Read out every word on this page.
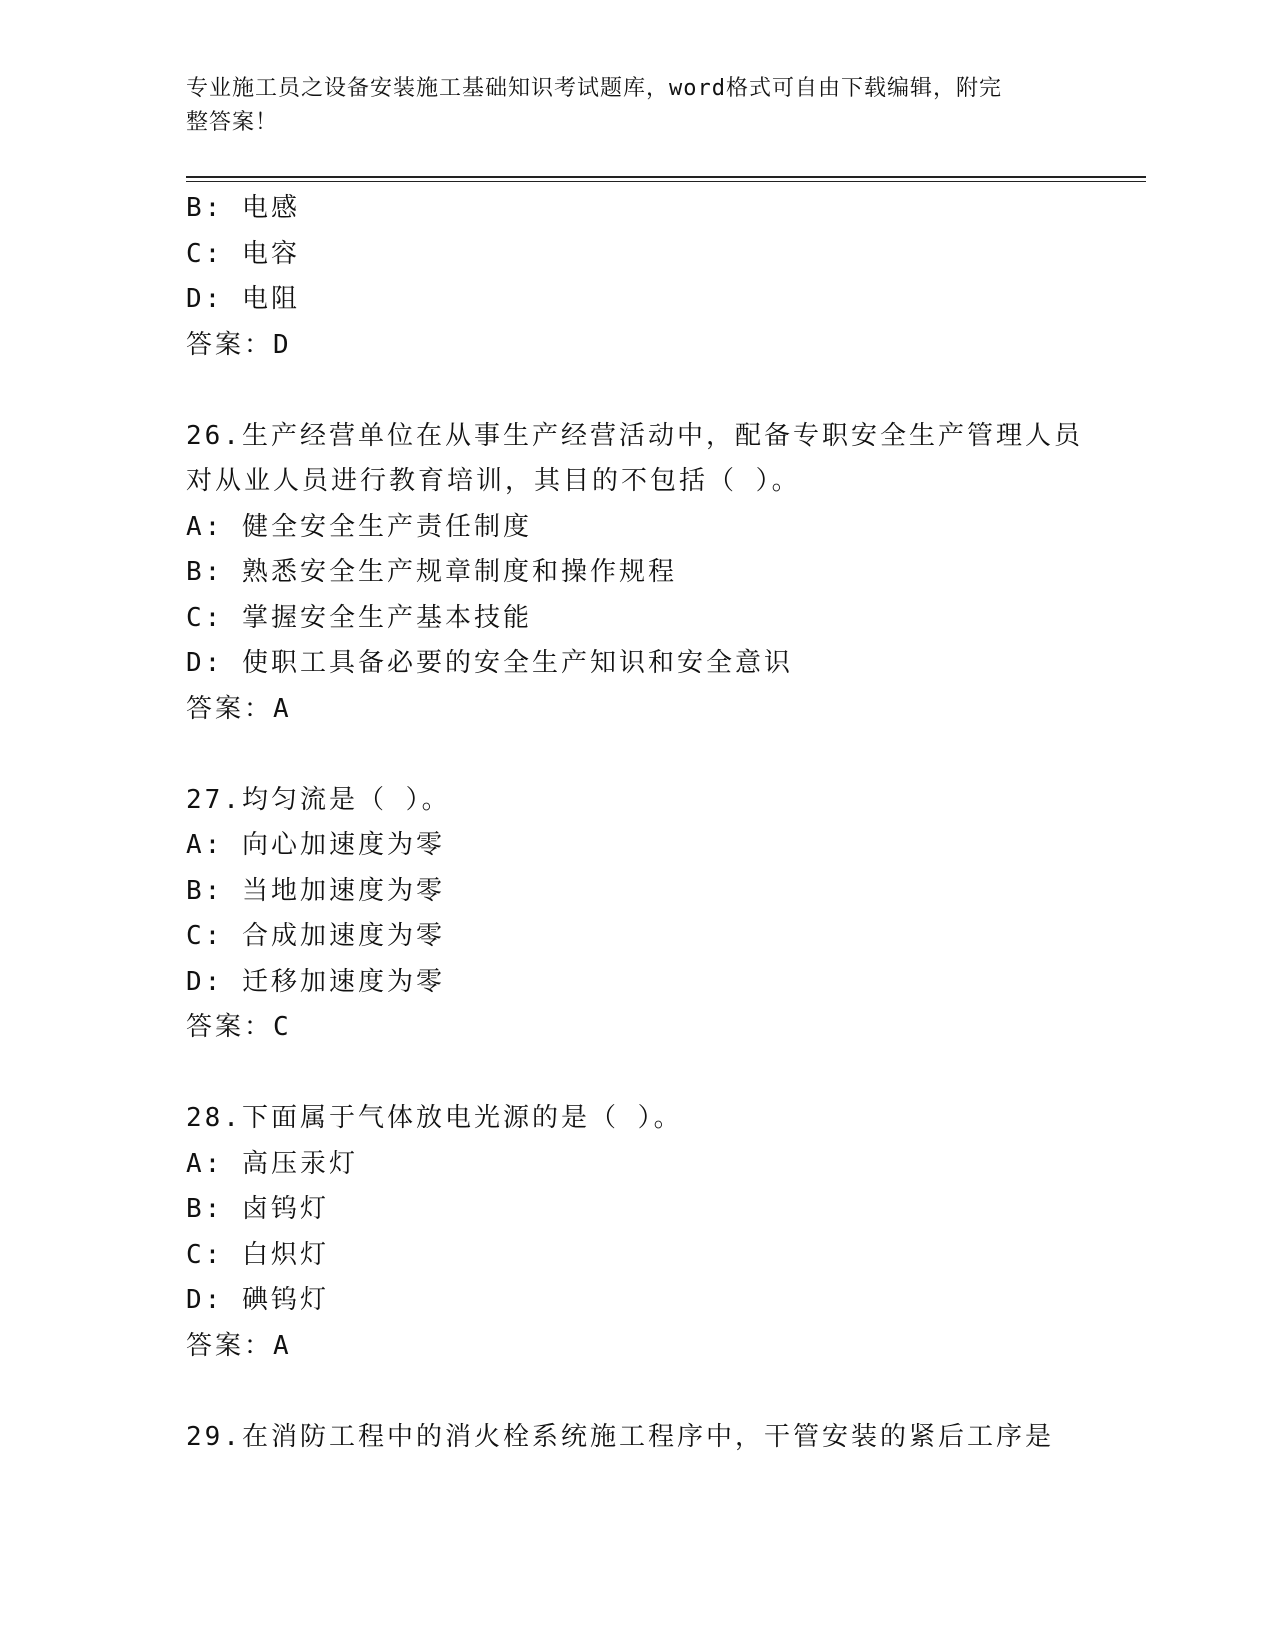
专业施工员之设备安装施工基础知识考试题库，word格式可自由下载编辑，附完
整答案！
B: 电感
C: 电容
D: 电阻
答案：D
26.生产经营单位在从事生产经营活动中，配备专职安全生产管理人员
对从业人员进行教育培训，其目的不包括（ ）。
A: 健全安全生产责任制度
B: 熟悉安全生产规章制度和操作规程
C: 掌握安全生产基本技能
D: 使职工具备必要的安全生产知识和安全意识
答案：A
27.均匀流是（ ）。
A: 向心加速度为零
B: 当地加速度为零
C: 合成加速度为零
D: 迁移加速度为零
答案：C
28.下面属于气体放电光源的是（ ）。
A: 高压汞灯
B: 卤钨灯
C: 白炽灯
D: 碘钨灯
答案：A
29.在消防工程中的消火栓系统施工程序中，干管安装的紧后工序是
